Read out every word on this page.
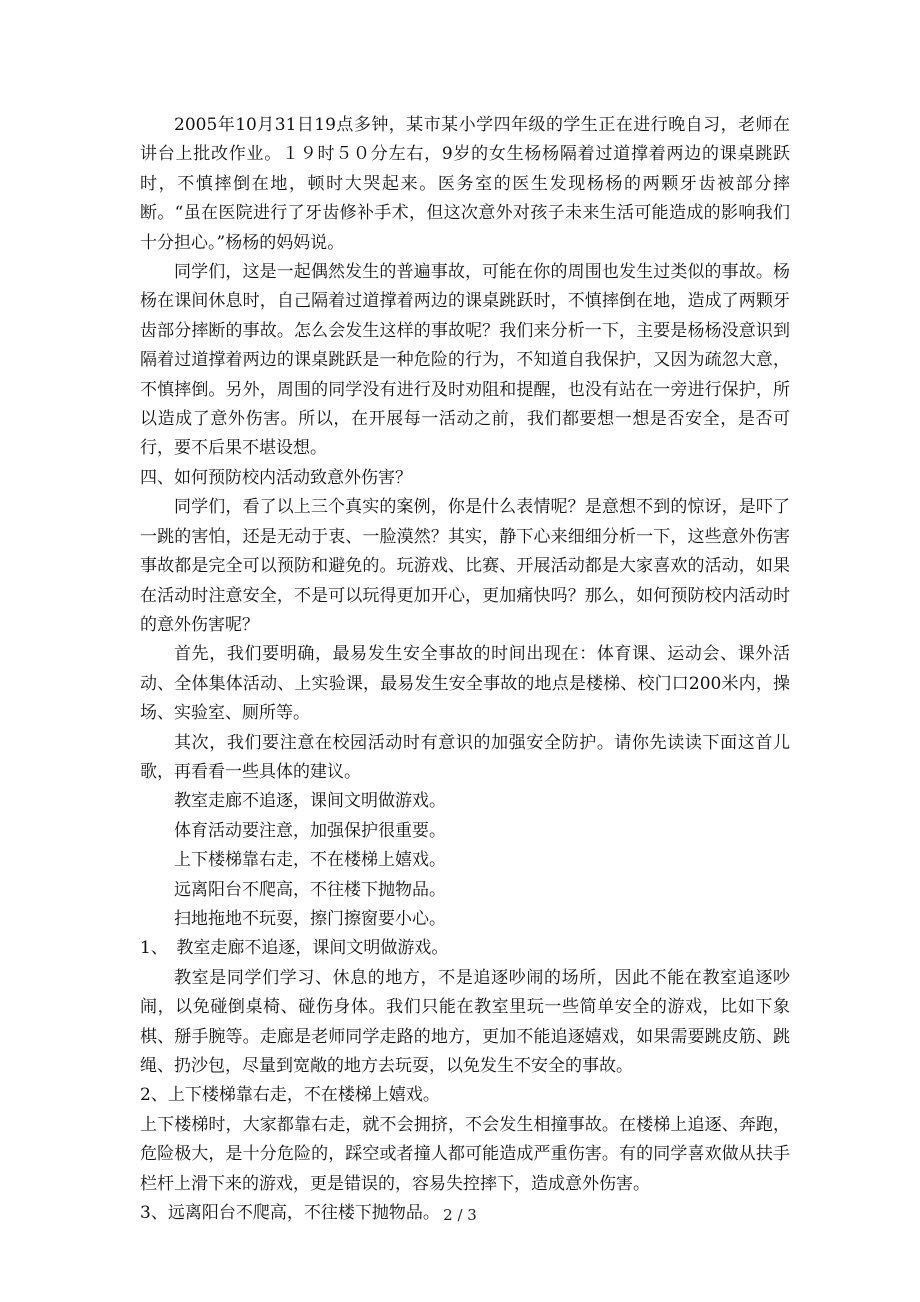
2005年10月31日19点多钟，某市某小学四年级的学生正在进行晚自习，老师在讲台上批改作业。１９时５０分左右，9岁的女生杨杨隔着过道撑着两边的课桌跳跃时，不慎摔倒在地，顿时大哭起来。医务室的医生发现杨杨的两颗牙齿被部分摔断。“虽在医院进行了牙齿修补手术，但这次意外对孩子未来生活可能造成的影响我们十分担心。”杨杨的妈妈说。

同学们，这是一起偶然发生的普遍事故，可能在你的周围也发生过类似的事故。杨杨在课间休息时，自己隔着过道撑着两边的课桌跳跃时，不慎摔倒在地，造成了两颗牙齿部分摔断的事故。怎么会发生这样的事故呢？我们来分析一下，主要是杨杨没意识到隔着过道撑着两边的课桌跳跃是一种危险的行为，不知道自我保护，又因为疏忽大意，不慎摔倒。另外，周围的同学没有进行及时劝阻和提醒，也没有站在一旁进行保护，所以造成了意外伤害。所以，在开展每一活动之前，我们都要想一想是否安全，是否可行，要不后果不堪设想。

四、如何预防校内活动致意外伤害？

同学们，看了以上三个真实的案例，你是什么表情呢？是意想不到的惊讶，是吓了一跳的害怕，还是无动于衷、一脸漠然？其实，静下心来细细分析一下，这些意外伤害事故都是完全可以预防和避免的。玩游戏、比赛、开展活动都是大家喜欢的活动，如果在活动时注意安全，不是可以玩得更加开心，更加痛快吗？那么，如何预防校内活动时的意外伤害呢？

首先，我们要明确，最易发生安全事故的时间出现在：体育课、运动会、课外活动、全体集体活动、上实验课，最易发生安全事故的地点是楼梯、校门口200米内，操场、实验室、厕所等。

其次，我们要注意在校园活动时有意识的加强安全防护。请你先读读下面这首儿歌，再看看一些具体的建议。

教室走廊不追逐，课间文明做游戏。

体育活动要注意，加强保护很重要。

上下楼梯靠右走，不在楼梯上嬉戏。

远离阳台不爬高，不往楼下抛物品。

扫地拖地不玩耍，擦门擦窗要小心。

1、　教室走廊不追逐，课间文明做游戏。

教室是同学们学习、休息的地方，不是追逐吵闹的场所，因此不能在教室追逐吵闹，以免碰倒桌椅、碰伤身体。我们只能在教室里玩一些简单安全的游戏，比如下象棋、掰手腕等。走廊是老师同学走路的地方，更加不能追逐嬉戏，如果需要跳皮筋、跳绳、扔沙包，尽量到宽敞的地方去玩耍，以免发生不安全的事故。

2、上下楼梯靠右走，不在楼梯上嬉戏。

上下楼梯时，大家都靠右走，就不会拥挤，不会发生相撞事故。在楼梯上追逐、奔跑，危险极大，是十分危险的，踩空或者撞人都可能造成严重伤害。有的同学喜欢做从扶手栏杆上滑下来的游戏，更是错误的，容易失控摔下，造成意外伤害。

3、远离阳台不爬高，不往楼下抛物品。 2 / 3
